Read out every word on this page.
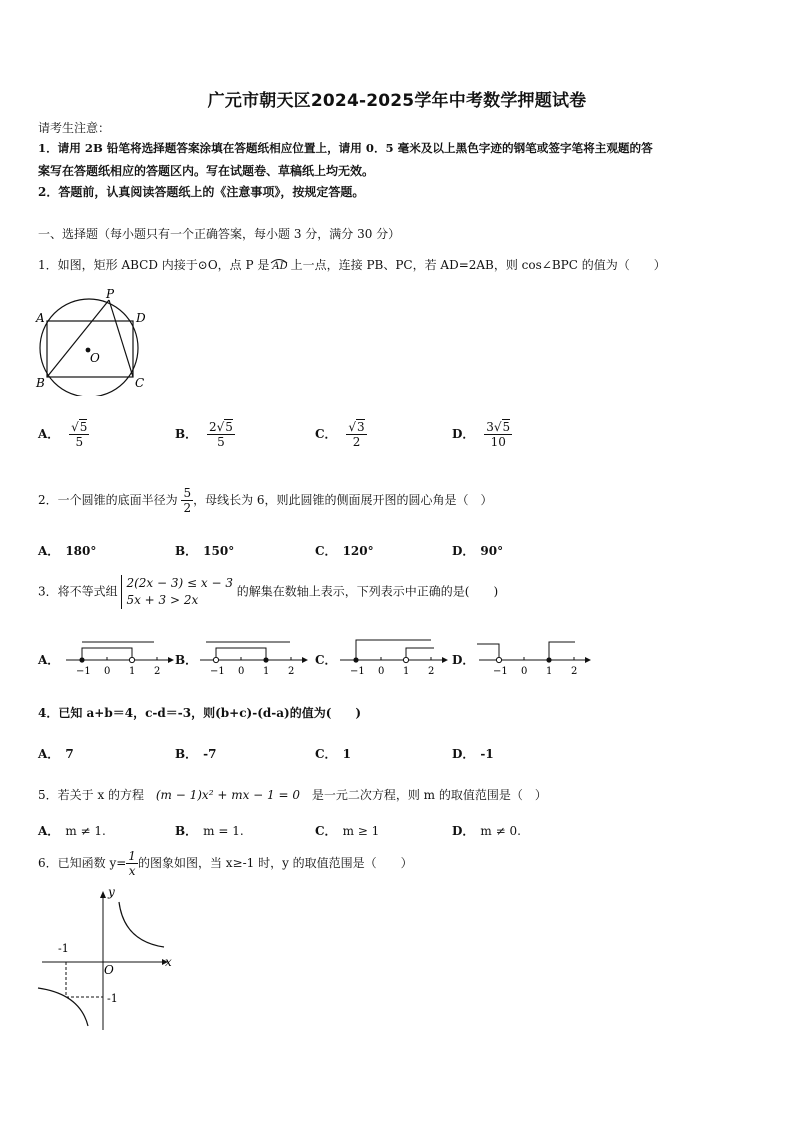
广元市朝天区2024-2025学年中考数学押题试卷
请考生注意：
1．请用 2B 铅笔将选择题答案涂填在答题纸相应位置上，请用 0．5 毫米及以上黑色字迹的钢笔或签字笔将主观题的答
案写在答题纸相应的答题区内。写在试题卷、草稿纸上均无效。
2．答题前，认真阅读答题纸上的《注意事项》，按规定答题。
一、选择题（每小题只有一个正确答案，每小题 3 分，满分 30 分）
1．如图，矩形 ABCD 内接于⊙O，点 P 是 AD 上一点，连接 PB、PC，若 AD=2AB，则 cos∠BPC 的值为（　　）
A
B	C
D
P
O
A． $\frac{√5}{5}$	B． $\frac{2√5}{5}$	C． $\frac{√3}{2}$	D． $\frac{3√5}{10}$
2．一个圆锥的底面半径为 $\frac{5}{2}$ ，母线长为 6，则此圆锥的侧面展开图的圆心角是（　）
A． 180°	B． 150°	C． 120°	D． 90°
3．将不等式组
2(2x − 3) ≤ x − 3
5x + 3 > 2x
的解集在数轴上表示，下列表示中正确的是(　　)
A．
−1 0 1 2
B．
−1 0 1 2
C．
−1 0 1 2
D．
−1 0 1 2
4．已知 a+b＝4，c-d＝-3，则(b+c)-(d-a)的值为(　　)
A． 7	B． -7	C． 1	D． -1
5．若关于 x 的方程 (m − 1)x² + mx − 1 = 0 是一元二次方程，则 m 的取值范围是（　）
A． m ≠ 1.	B． m = 1.	C． m ≥ 1	D． m ≠ 0.
6．已知函数 $y= \frac{1}{x}$ 的图象如图，当 x≥-1 时，y 的取值范围是（　　）
y
x
O
-1
-1
